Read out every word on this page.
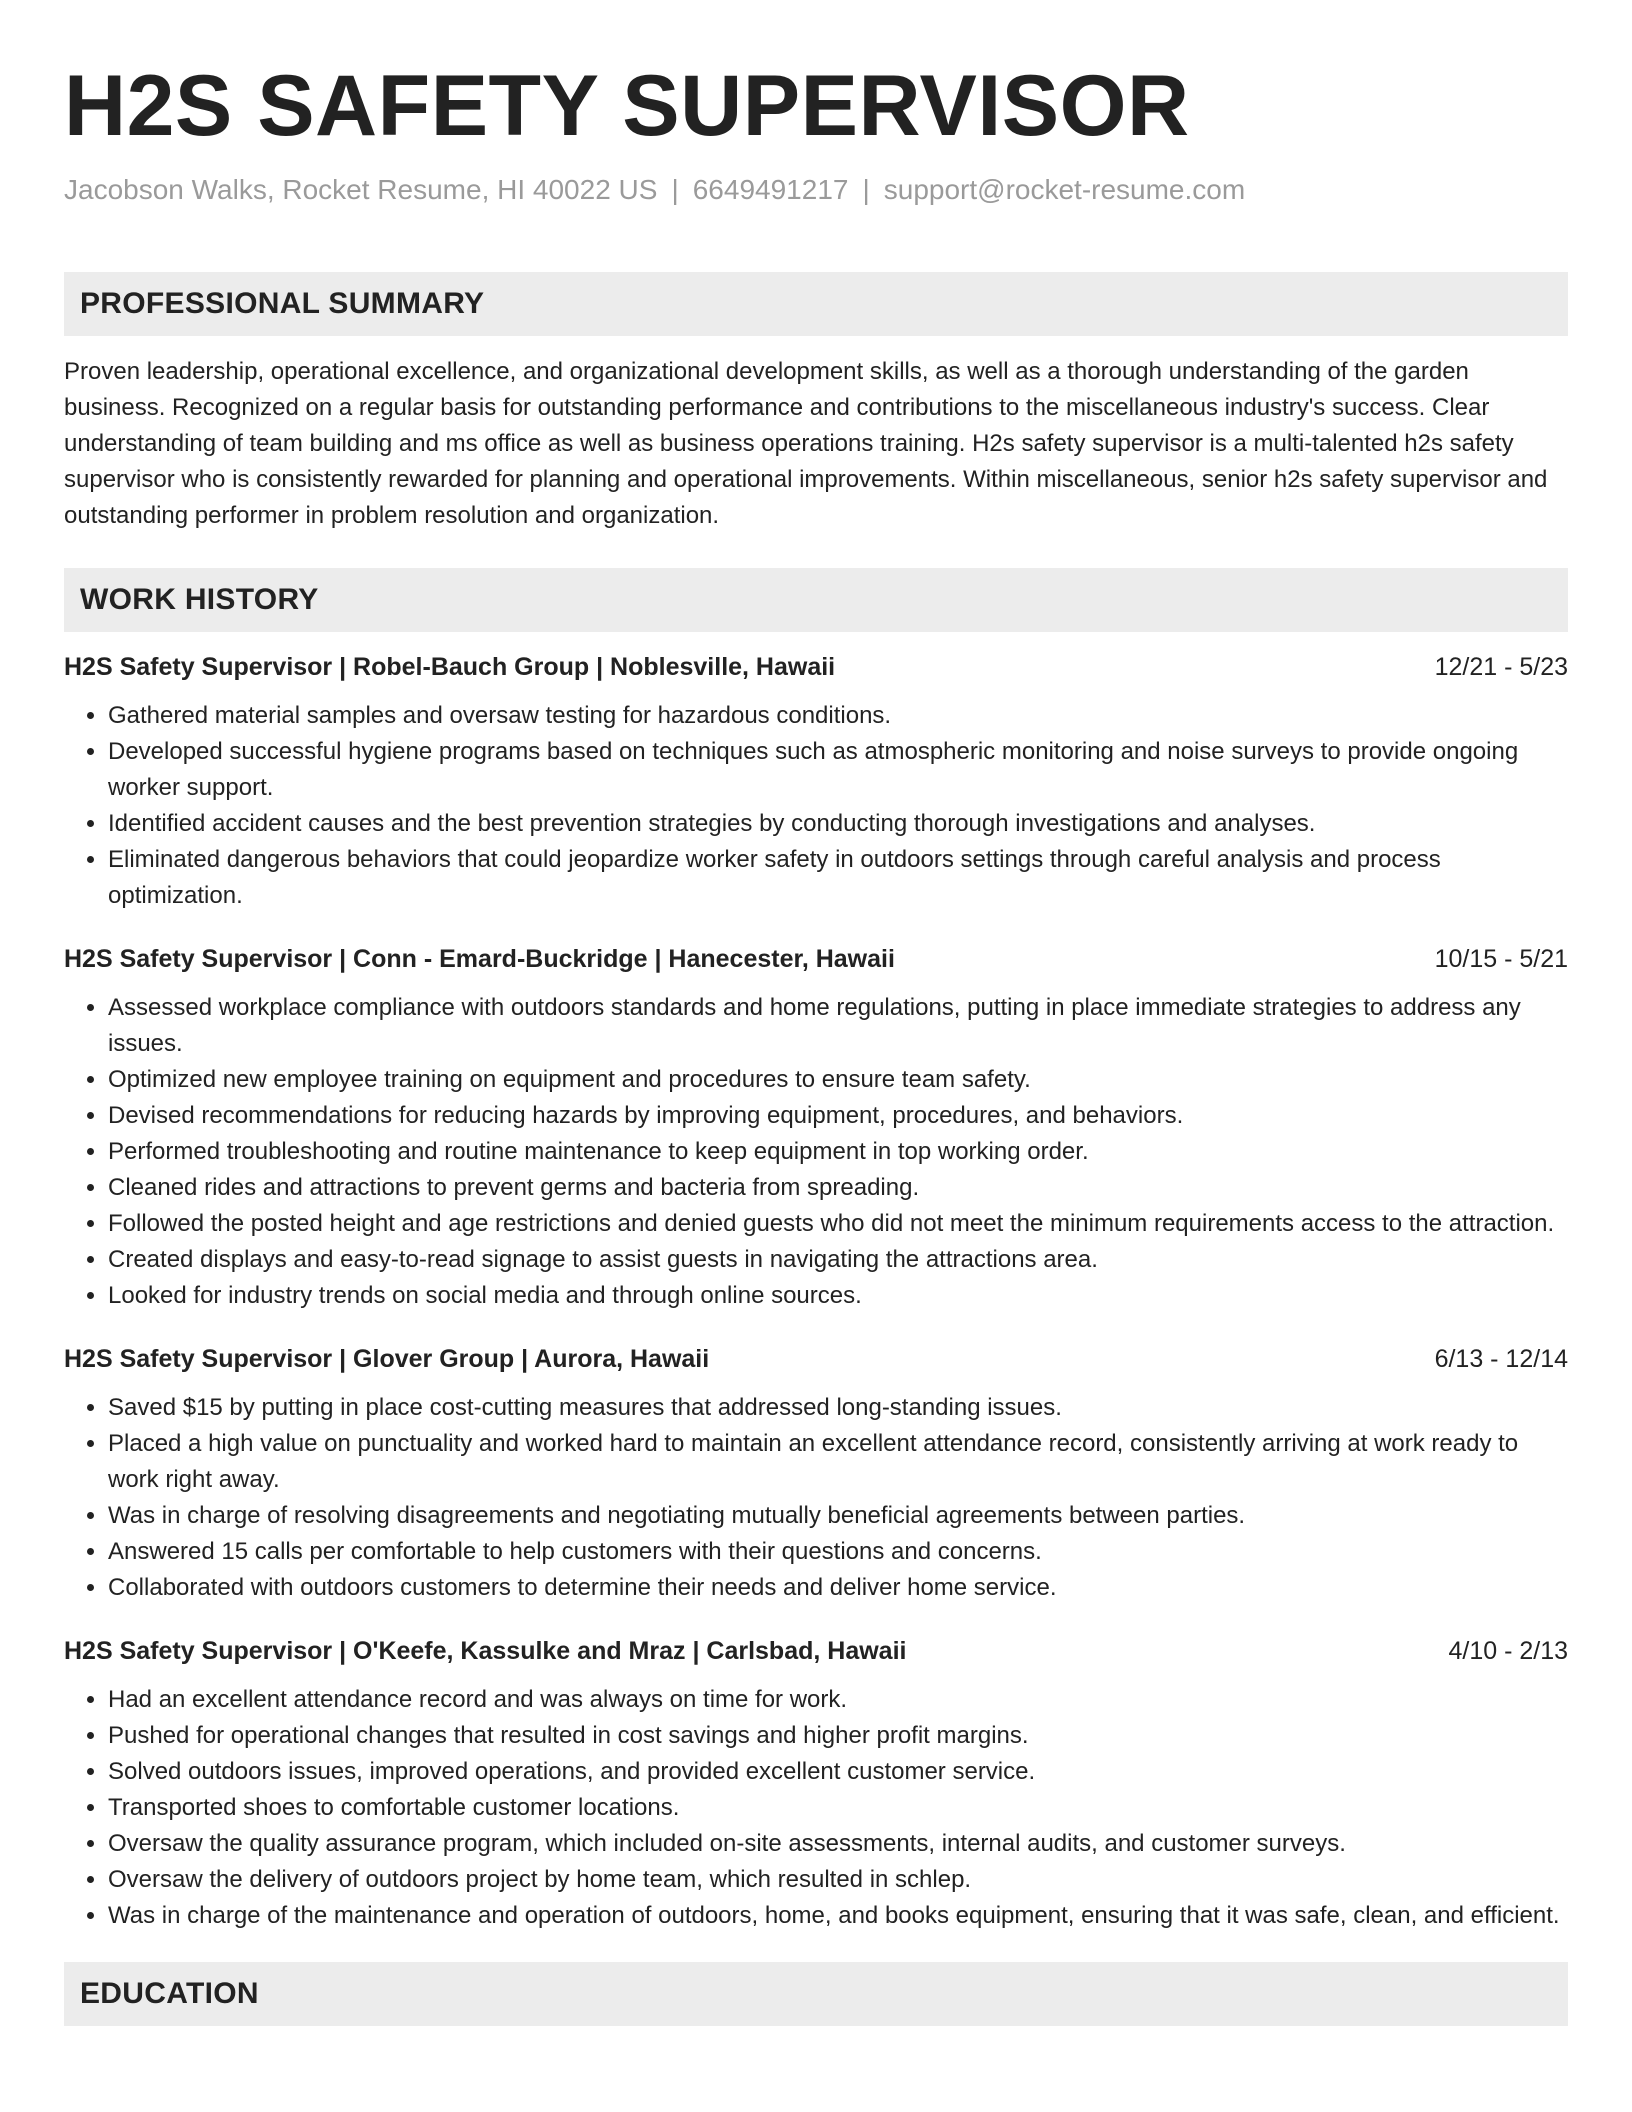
H2S SAFETY SUPERVISOR
Jacobson Walks, Rocket Resume, HI 40022 US | 6649491217 | support@rocket-resume.com
PROFESSIONAL SUMMARY

Proven leadership, operational excellence, and organizational development skills, as well as a thorough understanding of the garden business. Recognized on a regular basis for outstanding performance and contributions to the miscellaneous industry's success. Clear understanding of team building and ms office as well as business operations training. H2s safety supervisor is a multi-talented h2s safety supervisor who is consistently rewarded for planning and operational improvements. Within miscellaneous, senior h2s safety supervisor and outstanding performer in problem resolution and organization.

WORK HISTORY
H2S Safety Supervisor | Robel-Bauch Group | Noblesville, Hawaii	12/21 - 5/23
• Gathered material samples and oversaw testing for hazardous conditions.
• Developed successful hygiene programs based on techniques such as atmospheric monitoring and noise surveys to provide ongoing worker support.
• Identified accident causes and the best prevention strategies by conducting thorough investigations and analyses.
• Eliminated dangerous behaviors that could jeopardize worker safety in outdoors settings through careful analysis and process optimization.
H2S Safety Supervisor | Conn - Emard-Buckridge | Hanecester, Hawaii	10/15 - 5/21
• Assessed workplace compliance with outdoors standards and home regulations, putting in place immediate strategies to address any issues.
• Optimized new employee training on equipment and procedures to ensure team safety.
• Devised recommendations for reducing hazards by improving equipment, procedures, and behaviors.
• Performed troubleshooting and routine maintenance to keep equipment in top working order.
• Cleaned rides and attractions to prevent germs and bacteria from spreading.
• Followed the posted height and age restrictions and denied guests who did not meet the minimum requirements access to the attraction.
• Created displays and easy-to-read signage to assist guests in navigating the attractions area.
• Looked for industry trends on social media and through online sources.
H2S Safety Supervisor | Glover Group | Aurora, Hawaii	6/13 - 12/14
• Saved $15 by putting in place cost-cutting measures that addressed long-standing issues.
• Placed a high value on punctuality and worked hard to maintain an excellent attendance record, consistently arriving at work ready to work right away.
• Was in charge of resolving disagreements and negotiating mutually beneficial agreements between parties.
• Answered 15 calls per comfortable to help customers with their questions and concerns.
• Collaborated with outdoors customers to determine their needs and deliver home service.
H2S Safety Supervisor | O'Keefe, Kassulke and Mraz | Carlsbad, Hawaii	4/10 - 2/13
• Had an excellent attendance record and was always on time for work.
• Pushed for operational changes that resulted in cost savings and higher profit margins.
• Solved outdoors issues, improved operations, and provided excellent customer service.
• Transported shoes to comfortable customer locations.
• Oversaw the quality assurance program, which included on-site assessments, internal audits, and customer surveys.
• Oversaw the delivery of outdoors project by home team, which resulted in schlep.
• Was in charge of the maintenance and operation of outdoors, home, and books equipment, ensuring that it was safe, clean, and efficient.
EDUCATION
